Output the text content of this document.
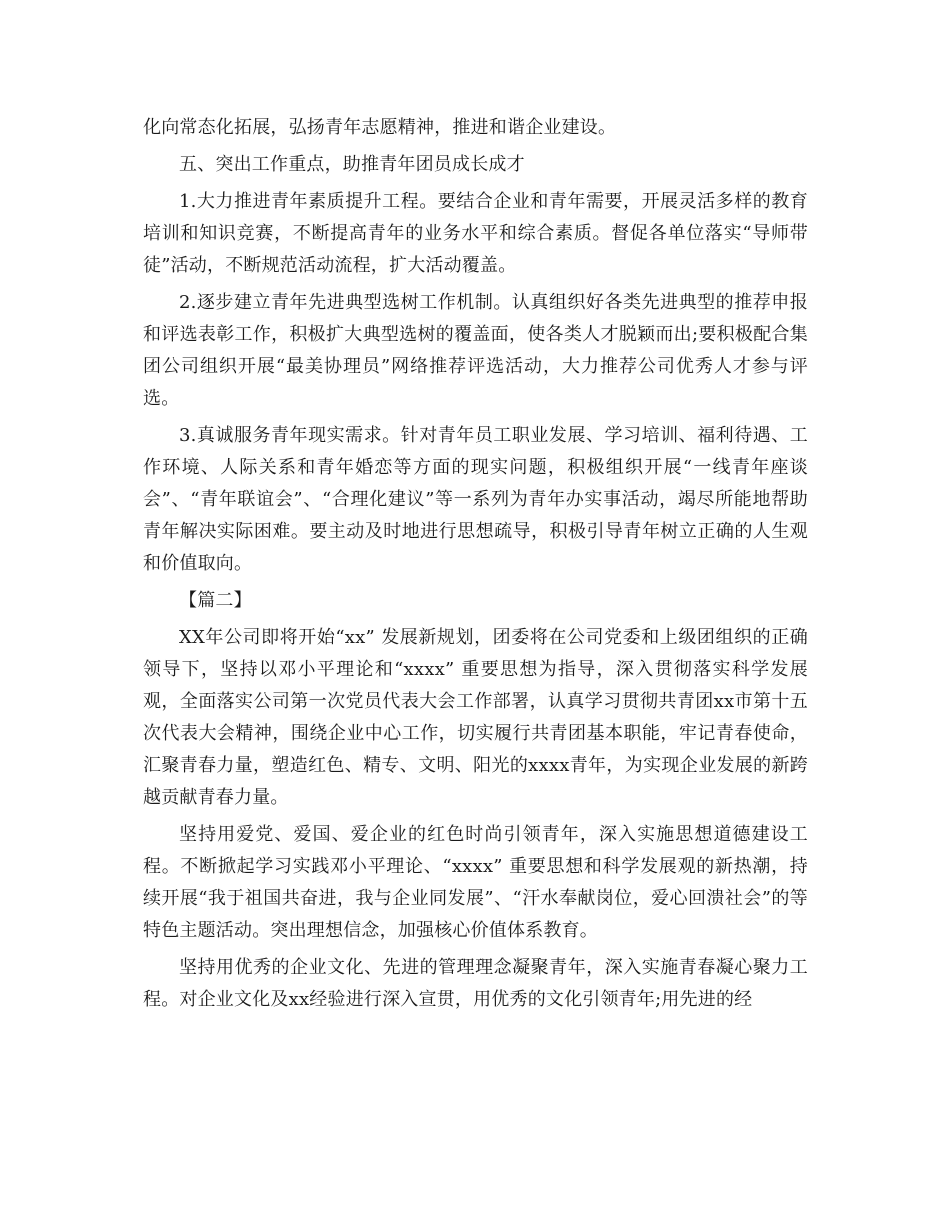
化向常态化拓展，弘扬青年志愿精神，推进和谐企业建设。

五、突出工作重点，助推青年团员成长成才

1.大力推进青年素质提升工程。要结合企业和青年需要，开展灵活多样的教育培训和知识竞赛，不断提高青年的业务水平和综合素质。督促各单位落实“导师带徒”活动，不断规范活动流程，扩大活动覆盖。

2.逐步建立青年先进典型选树工作机制。认真组织好各类先进典型的推荐申报和评选表彰工作，积极扩大典型选树的覆盖面，使各类人才脱颖而出;要积极配合集团公司组织开展“最美协理员”网络推荐评选活动，大力推荐公司优秀人才参与评选。

3.真诚服务青年现实需求。针对青年员工职业发展、学习培训、福利待遇、工作环境、人际关系和青年婚恋等方面的现实问题，积极组织开展“一线青年座谈会”、“青年联谊会”、“合理化建议”等一系列为青年办实事活动，竭尽所能地帮助青年解决实际困难。要主动及时地进行思想疏导，积极引导青年树立正确的人生观和价值取向。

【篇二】

XX年公司即将开始“xx” 发展新规划，团委将在公司党委和上级团组织的正确领导下，坚持以邓小平理论和“xxxx” 重要思想为指导，深入贯彻落实科学发展观，全面落实公司第一次党员代表大会工作部署，认真学习贯彻共青团xx市第十五次代表大会精神，围绕企业中心工作，切实履行共青团基本职能，牢记青春使命，汇聚青春力量，塑造红色、精专、文明、阳光的xxxx青年，为实现企业发展的新跨越贡献青春力量。

坚持用爱党、爱国、爱企业的红色时尚引领青年，深入实施思想道德建设工程。不断掀起学习实践邓小平理论、“xxxx” 重要思想和科学发展观的新热潮，持续开展“我于祖国共奋进，我与企业同发展”、“汗水奉献岗位，爱心回溃社会”的等特色主题活动。突出理想信念，加强核心价值体系教育。

坚持用优秀的企业文化、先进的管理理念凝聚青年，深入实施青春凝心聚力工程。对企业文化及xx经验进行深入宣贯，用优秀的文化引领青年;用先进的经
